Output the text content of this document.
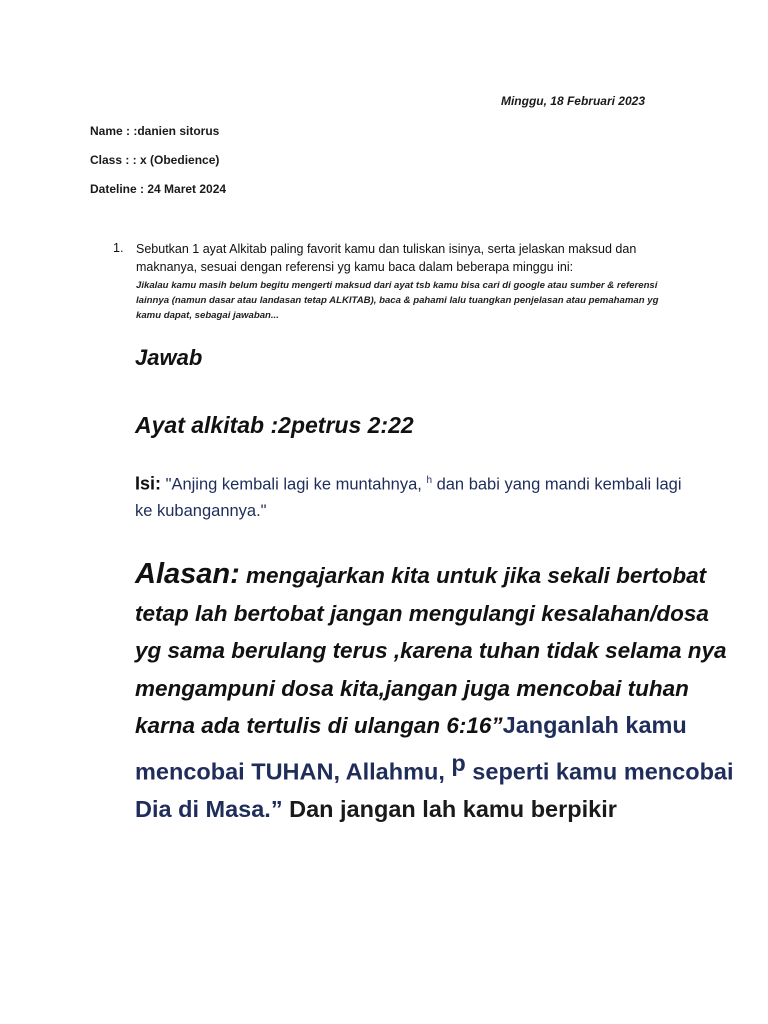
Minggu, 18 Februari 2023
Name : :danien sitorus
Class : : x (Obedience)
Dateline : 24 Maret 2024
1. Sebutkan 1 ayat Alkitab paling favorit kamu dan tuliskan isinya, serta jelaskan maksud dan maknanya, sesuai dengan referensi yg kamu baca dalam beberapa minggu ini:
Jikalau kamu masih belum begitu mengerti maksud dari ayat tsb kamu bisa cari di google atau sumber & referensi lainnya (namun dasar atau landasan tetap ALKITAB), baca & pahami lalu tuangkan penjelasan atau pemahaman yg kamu dapat, sebagai jawaban...
Jawab
Ayat alkitab :2petrus 2:22
Isi: "Anjing kembali lagi ke muntahnya, $^h$ dan babi yang mandi kembali lagi ke kubangannya."
Alasan: mengajarkan kita untuk jika sekali bertobat tetap lah bertobat jangan mengulangi kesalahan/dosa yg sama berulang terus ,karena tuhan tidak selama nya mengampuni dosa kita,jangan juga mencobai tuhan karna ada tertulis di ulangan 6:16”Janganlah kamu mencobai TUHAN, Allahmu, $^p$ seperti kamu mencobai Dia di Masa.” Dan jangan lah kamu berpikir
